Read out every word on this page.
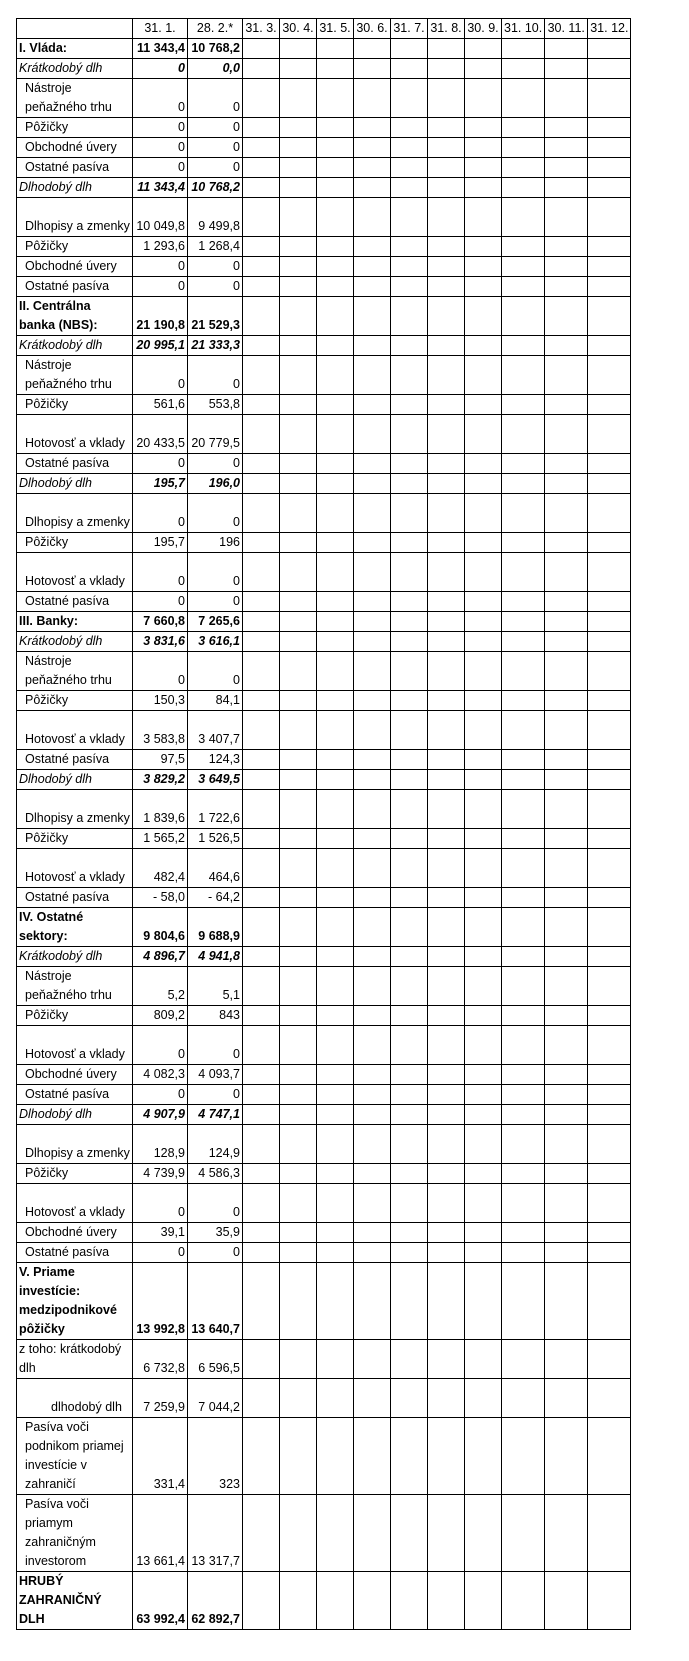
	31. 1.	28. 2.*	31. 3.	30. 4.	31. 5.	30. 6.	31. 7.	31. 8.	30. 9.	31. 10.	30. 11.	31. 12.
I. Vláda:	11 343,4	10 768,2										
Krátkodobý dlh	0	0,0										
Nástroje peňažného trhu	0	0										
Pôžičky	0	0										
Obchodné úvery	0	0										
Ostatné pasíva	0	0										
Dlhodobý dlh	11 343,4	10 768,2										
Dlhopisy a zmenky	10 049,8	9 499,8										
Pôžičky	1 293,6	1 268,4										
Obchodné úvery	0	0										
Ostatné pasíva	0	0										
II. Centrálna banka (NBS):	21 190,8	21 529,3										
Krátkodobý dlh	20 995,1	21 333,3										
Nástroje peňažného trhu	0	0										
Pôžičky	561,6	553,8										
Hotovosť a vklady	20 433,5	20 779,5										
Ostatné pasíva	0	0										
Dlhodobý dlh	195,7	196,0										
Dlhopisy a zmenky	0	0										
Pôžičky	195,7	196										
Hotovosť a vklady	0	0										
Ostatné pasíva	0	0										
III. Banky:	7 660,8	7 265,6										
Krátkodobý dlh	3 831,6	3 616,1										
Nástroje peňažného trhu	0	0										
Pôžičky	150,3	84,1										
Hotovosť a vklady	3 583,8	3 407,7										
Ostatné pasíva	97,5	124,3										
Dlhodobý dlh	3 829,2	3 649,5										
Dlhopisy a zmenky	1 839,6	1 722,6										
Pôžičky	1 565,2	1 526,5										
Hotovosť a vklady	482,4	464,6										
Ostatné pasíva	- 58,0	- 64,2										
IV. Ostatné sektory:	9 804,6	9 688,9										
Krátkodobý dlh	4 896,7	4 941,8										
Nástroje peňažného trhu	5,2	5,1										
Pôžičky	809,2	843										
Hotovosť a vklady	0	0										
Obchodné úvery	4 082,3	4 093,7										
Ostatné pasíva	0	0										
Dlhodobý dlh	4 907,9	4 747,1										
Dlhopisy a zmenky	128,9	124,9										
Pôžičky	4 739,9	4 586,3										
Hotovosť a vklady	0	0										
Obchodné úvery	39,1	35,9										
Ostatné pasíva	0	0										
V. Priame investície: medzipodnikové pôžičky	13 992,8	13 640,7										
z toho: krátkodobý dlh	6 732,8	6 596,5										
dlhodobý dlh	7 259,9	7 044,2										
Pasíva voči podnikom priamej investície v zahraničí	331,4	323										
Pasíva voči priamym zahraničným investorom	13 661,4	13 317,7										
HRUBÝ ZAHRANIČNÝ DLH	63 992,4	62 892,7										
